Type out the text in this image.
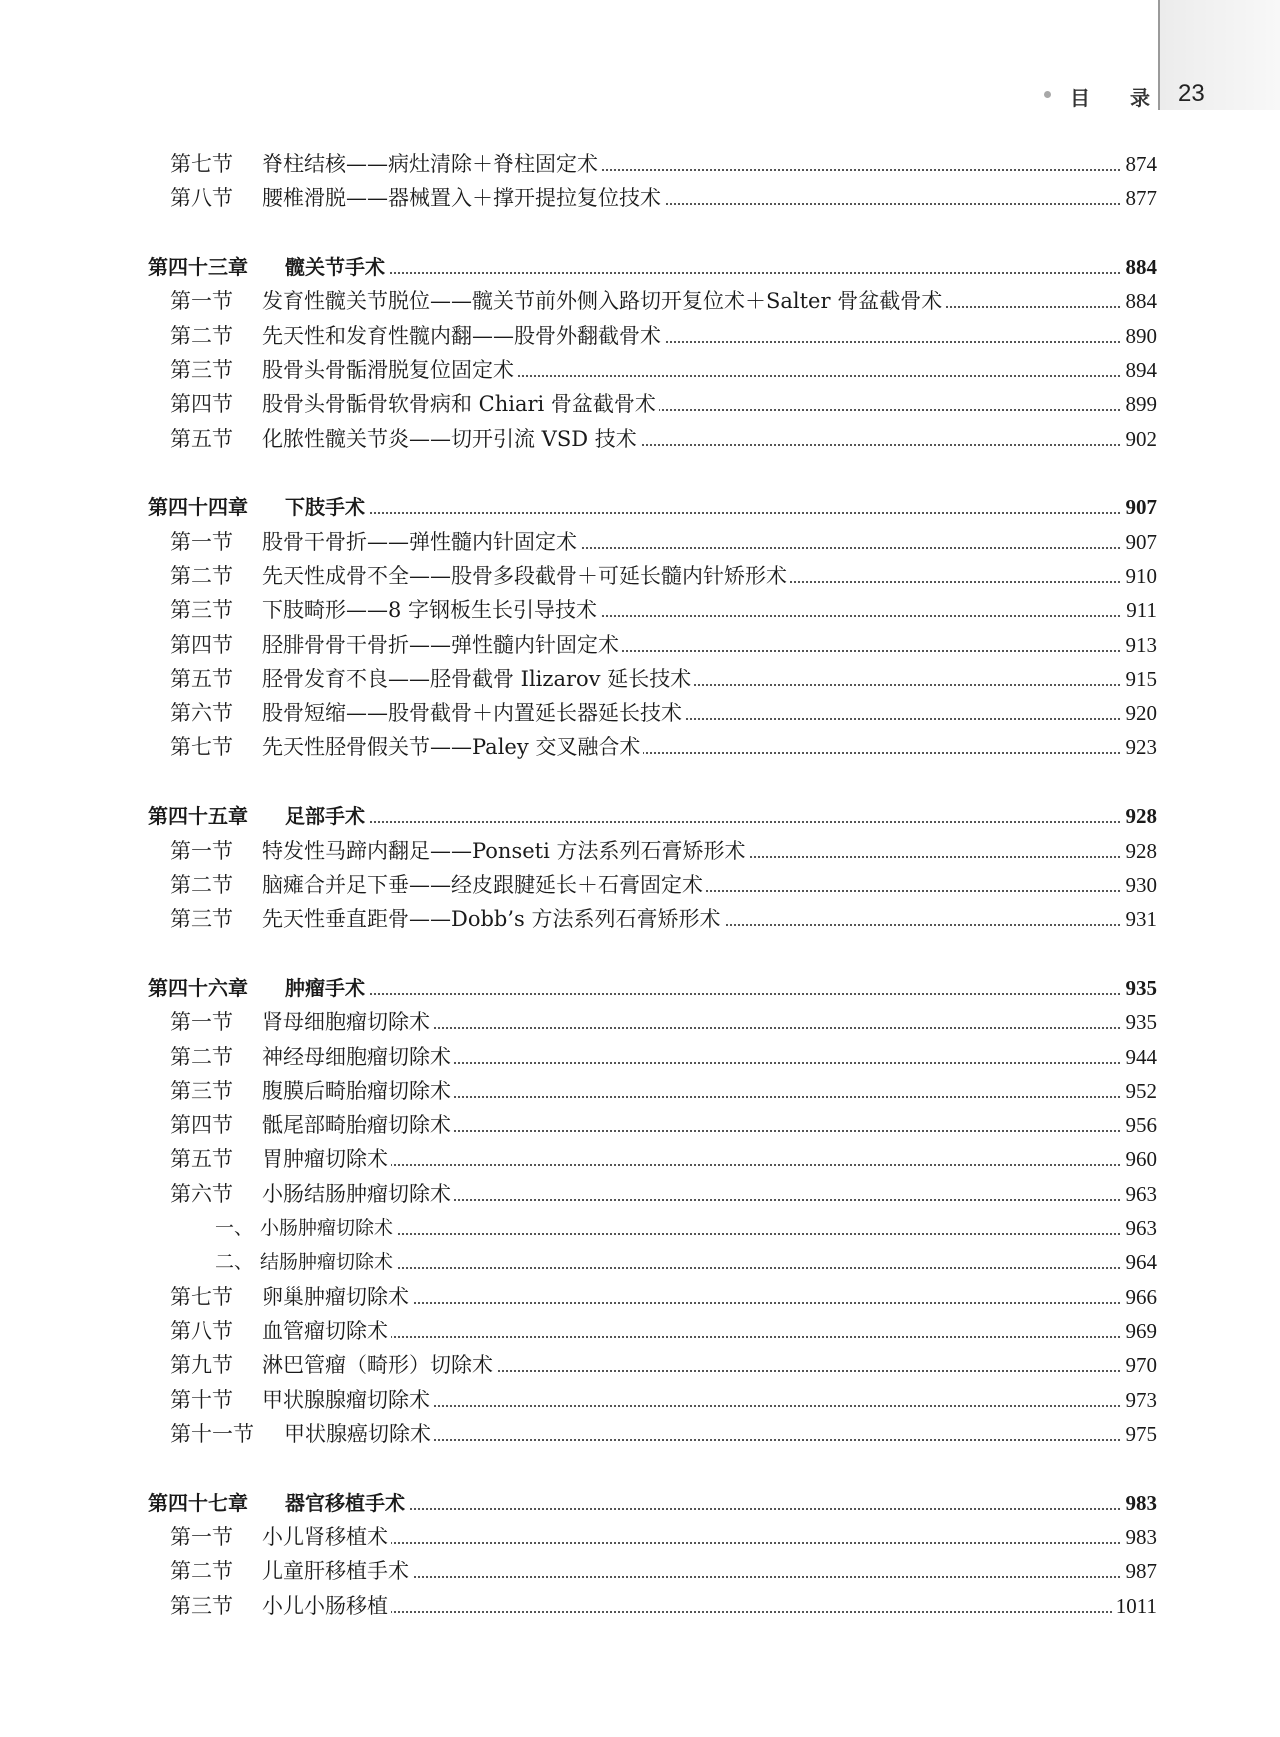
目 录 23
第七节 脊柱结核——病灶清除＋脊柱固定术	874
第八节 腰椎滑脱——器械置入＋撑开提拉复位技术	877
第四十三章 髋关节手术	884
第一节 发育性髋关节脱位——髋关节前外侧入路切开复位术＋Salter 骨盆截骨术	884
第二节 先天性和发育性髋内翻——股骨外翻截骨术	890
第三节 股骨头骨骺滑脱复位固定术	894
第四节 股骨头骨骺骨软骨病和 Chiari 骨盆截骨术	899
第五节 化脓性髋关节炎——切开引流 VSD 技术	902
第四十四章 下肢手术	907
第一节 股骨干骨折——弹性髓内针固定术	907
第二节 先天性成骨不全——股骨多段截骨＋可延长髓内针矫形术	910
第三节 下肢畸形——8 字钢板生长引导技术	911
第四节 胫腓骨骨干骨折——弹性髓内针固定术	913
第五节 胫骨发育不良——胫骨截骨 Ilizarov 延长技术	915
第六节 股骨短缩——股骨截骨＋内置延长器延长技术	920
第七节 先天性胫骨假关节——Paley 交叉融合术	923
第四十五章 足部手术	928
第一节 特发性马蹄内翻足——Ponseti 方法系列石膏矫形术	928
第二节 脑瘫合并足下垂——经皮跟腱延长＋石膏固定术	930
第三节 先天性垂直距骨——Dobb’s 方法系列石膏矫形术	931
第四十六章 肿瘤手术	935
第一节 肾母细胞瘤切除术	935
第二节 神经母细胞瘤切除术	944
第三节 腹膜后畸胎瘤切除术	952
第四节 骶尾部畸胎瘤切除术	956
第五节 胃肿瘤切除术	960
第六节 小肠结肠肿瘤切除术	963
一、 小肠肿瘤切除术	963
二、 结肠肿瘤切除术	964
第七节 卵巢肿瘤切除术	966
第八节 血管瘤切除术	969
第九节 淋巴管瘤（畸形）切除术	970
第十节 甲状腺腺瘤切除术	973
第十一节 甲状腺癌切除术	975
第四十七章 器官移植手术	983
第一节 小儿肾移植术	983
第二节 儿童肝移植手术	987
第三节 小儿小肠移植	1011
